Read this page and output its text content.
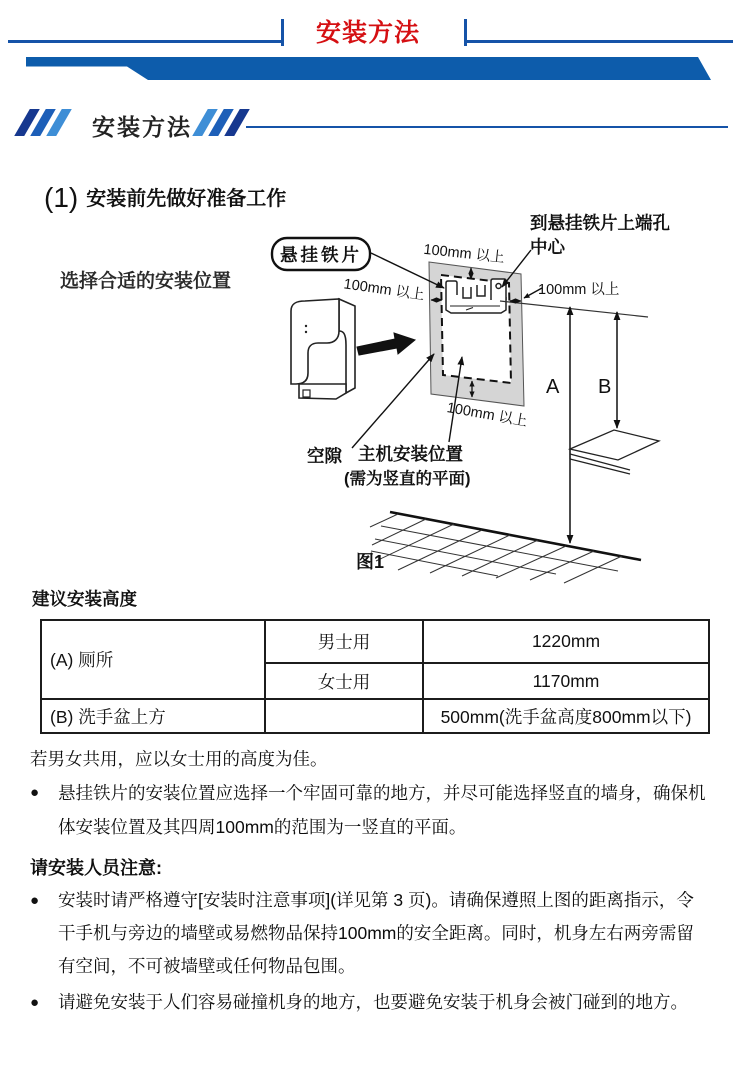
安装方法
安装方法
(1) 安装前先做好准备工作
选择合适的安装位置
悬挂铁片
到悬挂铁片上端孔
中心
100mm 以上
100mm 以上	100mm 以上
100mm 以上
空隙 主机安装位置
(需为竖直的平面)
A B
图1
建议安装高度
(A) 厕所	男士用	1220mm
	女士用	1170mm
(B) 洗手盆上方		500mm(洗手盆高度800mm以下)
若男女共用，应以女士用的高度为佳。
●	悬挂铁片的安装位置应选择一个牢固可靠的地方，并尽可能选择竖直的墙身，确保机体安装位置及其四周100mm的范围为一竖直的平面。
请安装人员注意:
●	安装时请严格遵守[安装时注意事项](详见第 3 页)。请确保遵照上图的距离指示，令干手机与旁边的墙壁或易燃物品保持100mm的安全距离。同时，机身左右两旁需留有空间，不可被墙壁或任何物品包围。
●	请避免安装于人们容易碰撞机身的地方，也要避免安装于机身会被门碰到的地方。
